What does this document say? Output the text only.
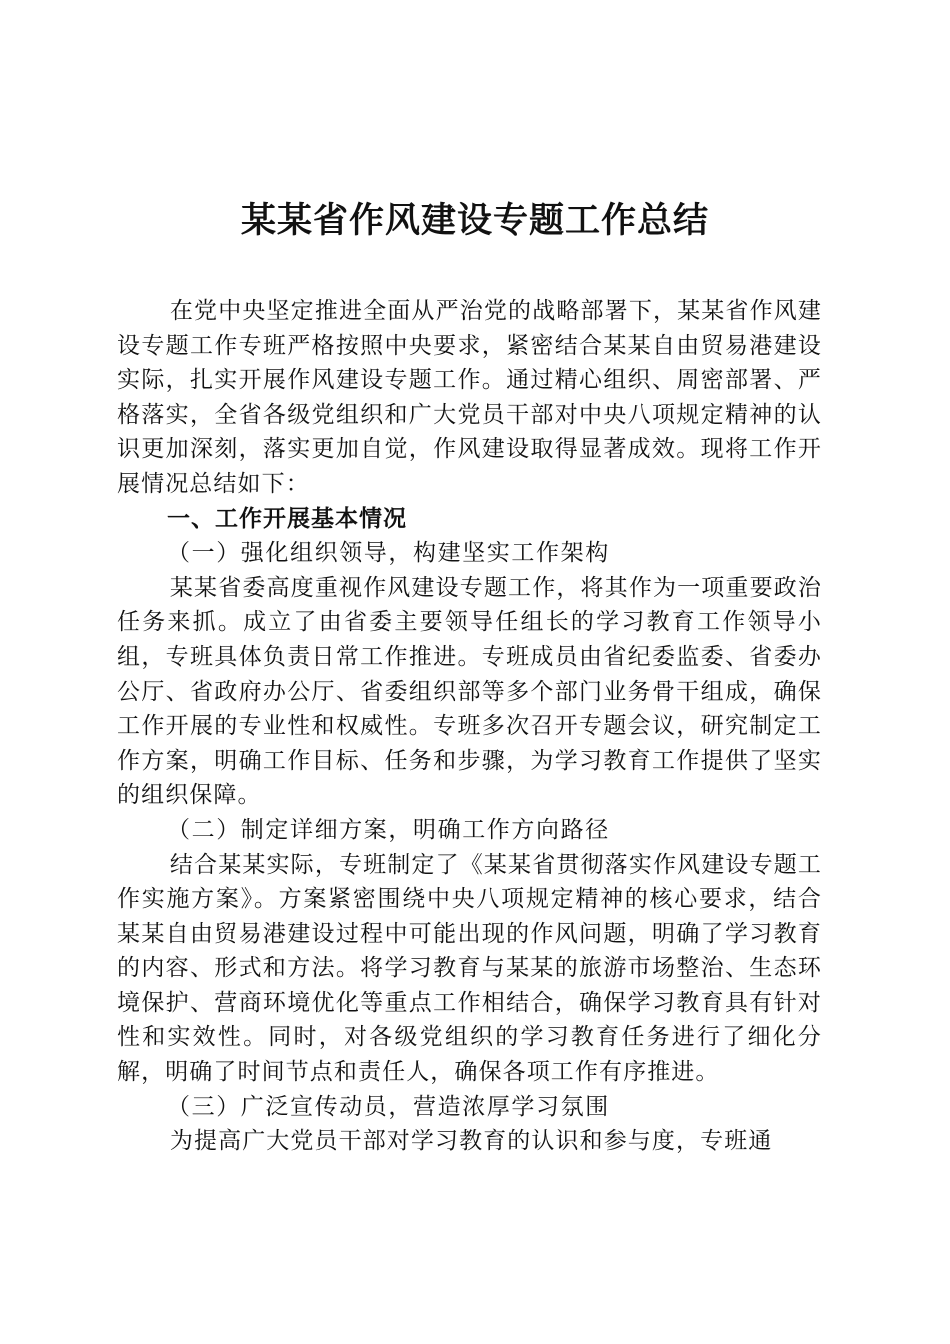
某某省作风建设专题工作总结

在党中央坚定推进全面从严治党的战略部署下，某某省作风建设专题工作专班严格按照中央要求，紧密结合某某自由贸易港建设实际，扎实开展作风建设专题工作。通过精心组织、周密部署、严格落实，全省各级党组织和广大党员干部对中央八项规定精神的认识更加深刻，落实更加自觉，作风建设取得显著成效。现将工作开展情况总结如下：

一、工作开展基本情况

（一）强化组织领导，构建坚实工作架构

某某省委高度重视作风建设专题工作，将其作为一项重要政治任务来抓。成立了由省委主要领导任组长的学习教育工作领导小组，专班具体负责日常工作推进。专班成员由省纪委监委、省委办公厅、省政府办公厅、省委组织部等多个部门业务骨干组成，确保工作开展的专业性和权威性。专班多次召开专题会议，研究制定工作方案，明确工作目标、任务和步骤，为学习教育工作提供了坚实的组织保障。

（二）制定详细方案，明确工作方向路径

结合某某实际，专班制定了《某某省贯彻落实作风建设专题工作实施方案》。方案紧密围绕中央八项规定精神的核心要求，结合某某自由贸易港建设过程中可能出现的作风问题，明确了学习教育的内容、形式和方法。将学习教育与某某的旅游市场整治、生态环境保护、营商环境优化等重点工作相结合，确保学习教育具有针对性和实效性。同时，对各级党组织的学习教育任务进行了细化分解，明确了时间节点和责任人，确保各项工作有序推进。

（三）广泛宣传动员，营造浓厚学习氛围

为提高广大党员干部对学习教育的认识和参与度，专班通
